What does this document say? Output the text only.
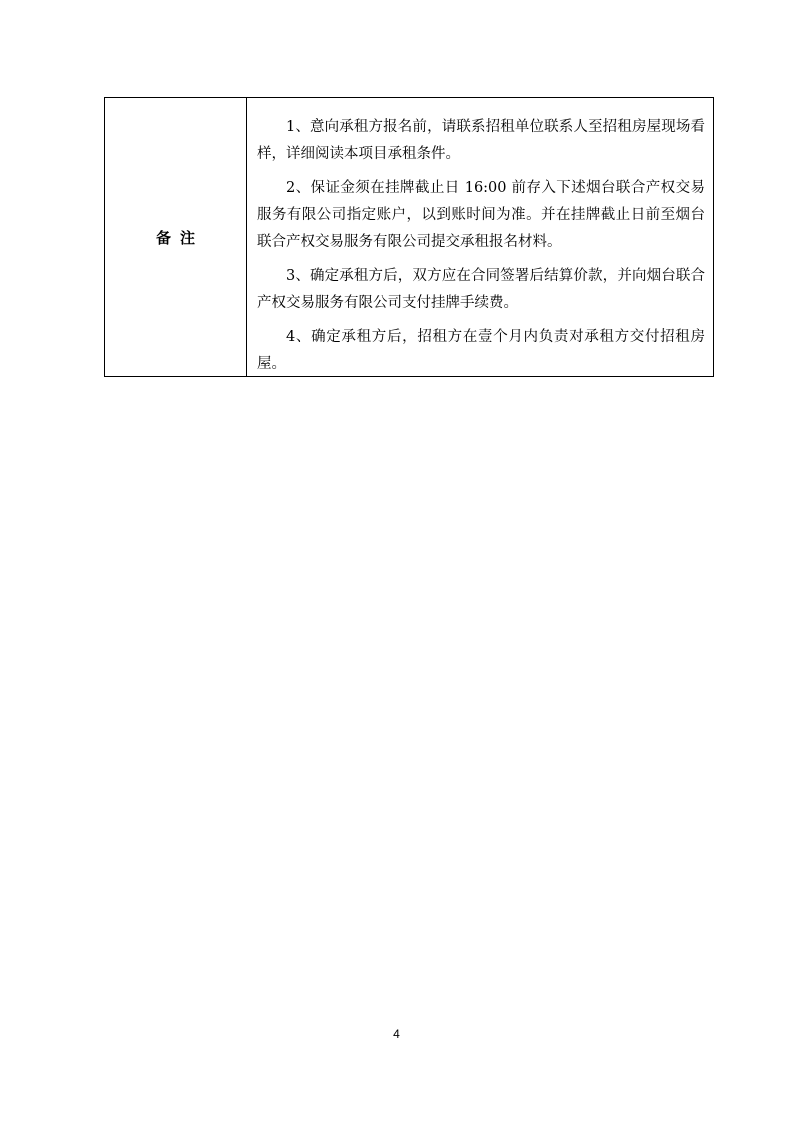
备注

1、意向承租方报名前，请联系招租单位联系人至招租房屋现场看样，详细阅读本项目承租条件。

2、保证金须在挂牌截止日 16:00 前存入下述烟台联合产权交易服务有限公司指定账户，以到账时间为准。并在挂牌截止日前至烟台联合产权交易服务有限公司提交承租报名材料。

3、确定承租方后，双方应在合同签署后结算价款，并向烟台联合产权交易服务有限公司支付挂牌手续费。

4、确定承租方后，招租方在壹个月内负责对承租方交付招租房屋。

4
